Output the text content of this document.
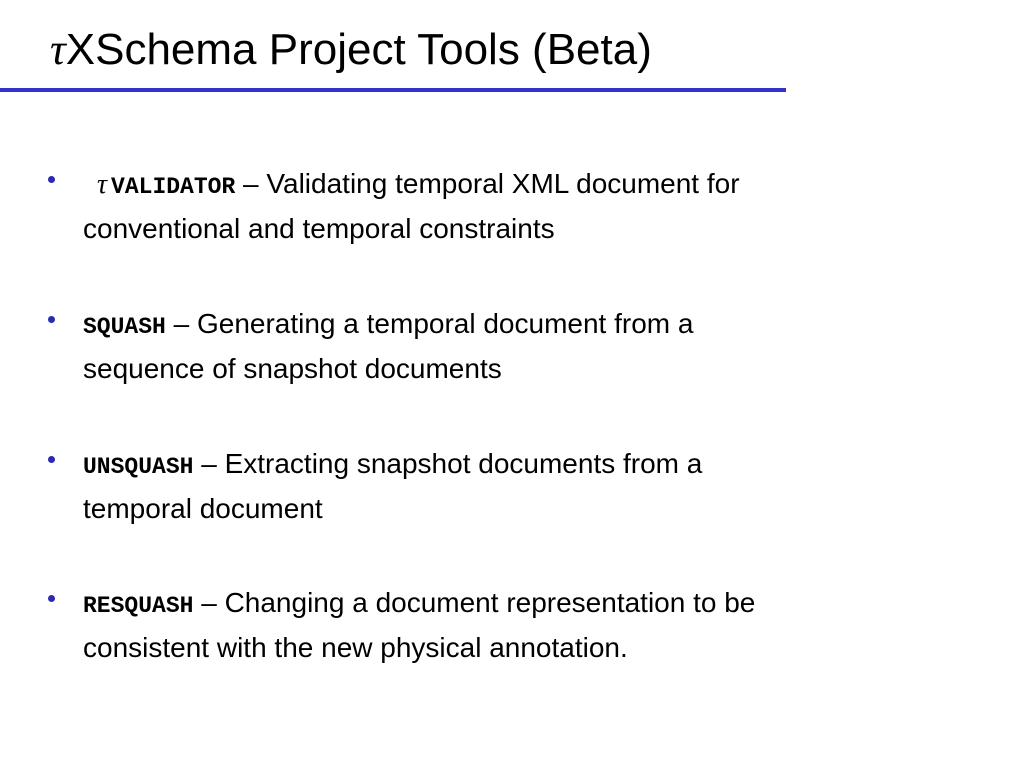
τXSchema Project Tools (Beta)
τ VALIDATOR – Validating temporal XML document for
conventional and temporal constraints
SQUASH – Generating a temporal document from a
sequence of snapshot documents
UNSQUASH – Extracting snapshot documents from a
temporal document
RESQUASH – Changing a document representation to be
consistent with the new physical annotation.
